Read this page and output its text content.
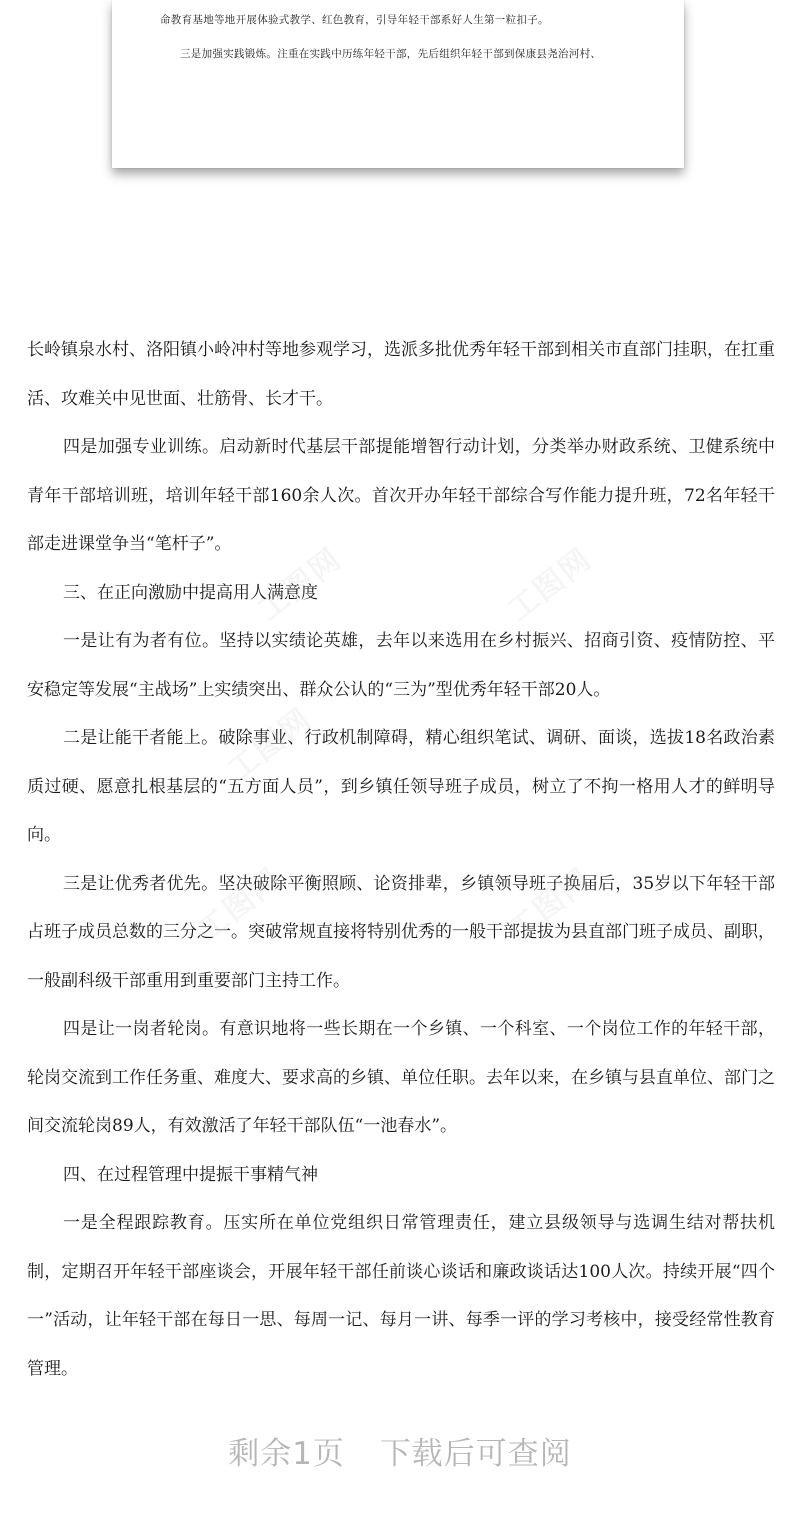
命教育基地等地开展体验式教学、红色教育，引导年轻干部系好人生第一粒扣子。
三是加强实践锻炼。注重在实践中历练年轻干部，先后组织年轻干部到保康县尧治河村、

长岭镇泉水村、洛阳镇小岭冲村等地参观学习，选派多批优秀年轻干部到相关市直部门挂职，在扛重活、攻难关中见世面、壮筋骨、长才干。

四是加强专业训练。启动新时代基层干部提能增智行动计划，分类举办财政系统、卫健系统中青年干部培训班，培训年轻干部160余人次。首次开办年轻干部综合写作能力提升班，72名年轻干部走进课堂争当“笔杆子”。

三、在正向激励中提高用人满意度

一是让有为者有位。坚持以实绩论英雄，去年以来选用在乡村振兴、招商引资、疫情防控、平安稳定等发展“主战场”上实绩突出、群众公认的“三为”型优秀年轻干部20人。

二是让能干者能上。破除事业、行政机制障碍，精心组织笔试、调研、面谈，选拔18名政治素质过硬、愿意扎根基层的“五方面人员”，到乡镇任领导班子成员，树立了不拘一格用人才的鲜明导向。

三是让优秀者优先。坚决破除平衡照顾、论资排辈，乡镇领导班子换届后，35岁以下年轻干部占班子成员总数的三分之一。突破常规直接将特别优秀的一般干部提拔为县直部门班子成员、副职，一般副科级干部重用到重要部门主持工作。

四是让一岗者轮岗。有意识地将一些长期在一个乡镇、一个科室、一个岗位工作的年轻干部，轮岗交流到工作任务重、难度大、要求高的乡镇、单位任职。去年以来，在乡镇与县直单位、部门之间交流轮岗89人，有效激活了年轻干部队伍“一池春水”。

四、在过程管理中提振干事精气神

一是全程跟踪教育。压实所在单位党组织日常管理责任，建立县级领导与选调生结对帮扶机制，定期召开年轻干部座谈会，开展年轻干部任前谈心谈话和廉政谈话达100人次。持续开展“四个一”活动，让年轻干部在每日一思、每周一记、每月一讲、每季一评的学习考核中，接受经常性教育管理。

工图网	工图网
工图网
工图网	工图网
剩余1页 下载后可查阅
